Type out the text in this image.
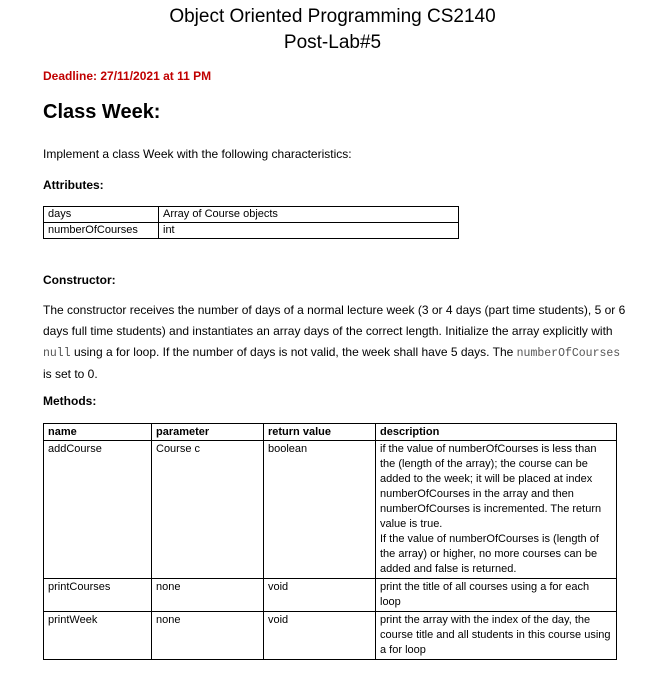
Object Oriented Programming CS2140
Post-Lab#5
Deadline: 27/11/2021 at 11 PM
Class Week:
Implement a class Week with the following characteristics:
Attributes:
days	Array of Course objects
numberOfCourses	int
Constructor:
The constructor receives the number of days of a normal lecture week (3 or 4 days (part time students), 5 or 6 days full time students) and instantiates an array days of the correct length. Initialize the array explicitly with null using a for loop. If the number of days is not valid, the week shall have 5 days. The numberOfCourses is set to 0.
Methods:
name	parameter	return value	description
addCourse	Course c	boolean	if the value of numberOfCourses is less than the (length of the array); the course can be added to the week; it will be placed at index numberOfCourses in the array and then numberOfCourses is incremented. The return value is true.
If the value of numberOfCourses is (length of the array) or higher, no more courses can be added and false is returned.
printCourses	none	void	print the title of all courses using a for each loop
printWeek	none	void	print the array with the index of the day, the course title and all students in this course using a for loop
